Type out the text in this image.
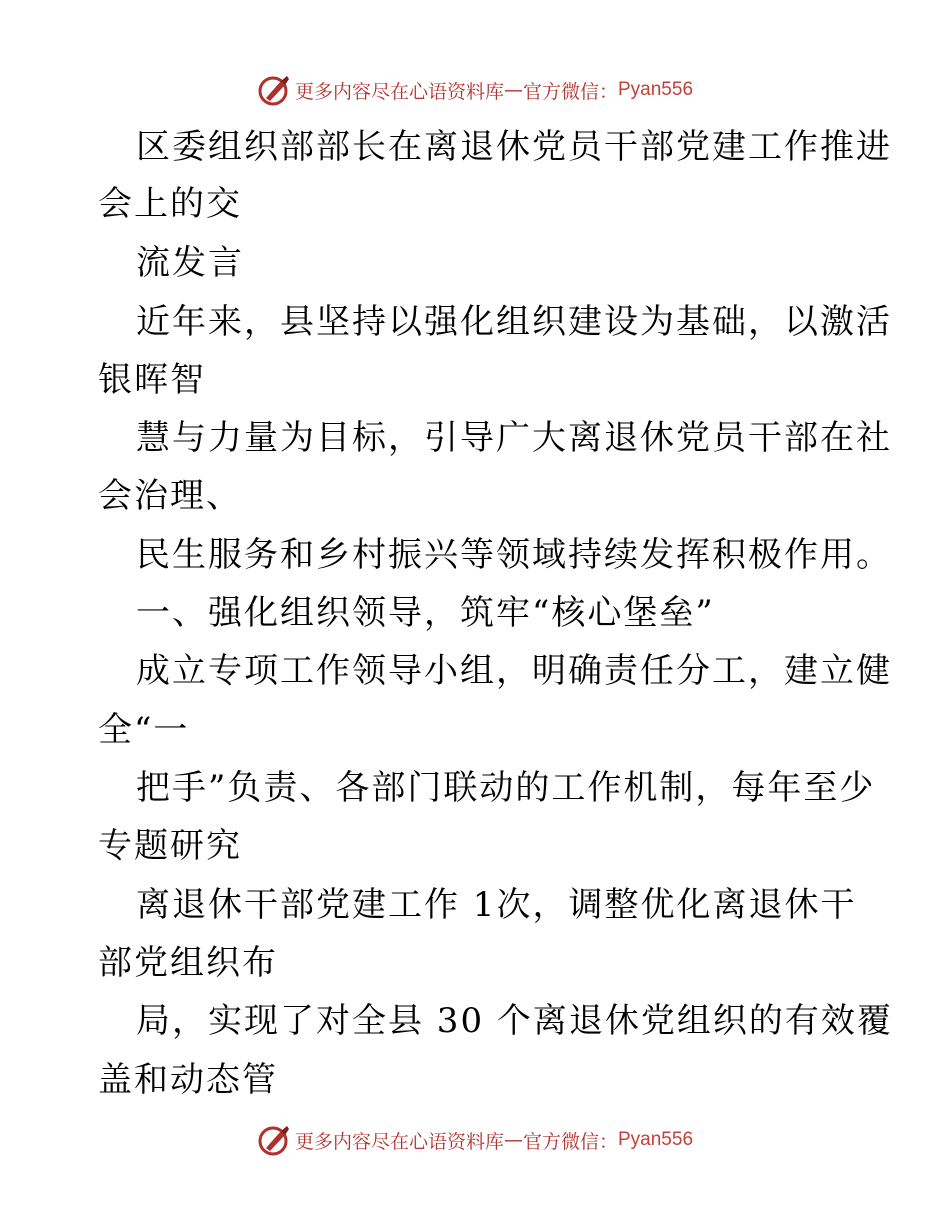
更多内容尽在心语资料库 — 官方微信： Pyan556
区委组织部部长在离退休党员干部党建工作推进
会上的交
流发言
近年来，县坚持以强化组织建设为基础，以激活
银晖智
慧与力量为目标，引导广大离退休党员干部在社
会治理、
民生服务和乡村振兴等领域持续发挥积极作用。
一、强化组织领导，筑牢“核心堡垒”
成立专项工作领导小组，明确责任分工，建立健
全“一
把手”负责、各部门联动的工作机制，每年至少
专题研究
离退休干部党建工作 1次，调整优化离退休干
部党组织布
局，实现了对全县 30 个离退休党组织的有效覆
盖和动态管
更多内容尽在心语资料库 — 官方微信： Pyan556
